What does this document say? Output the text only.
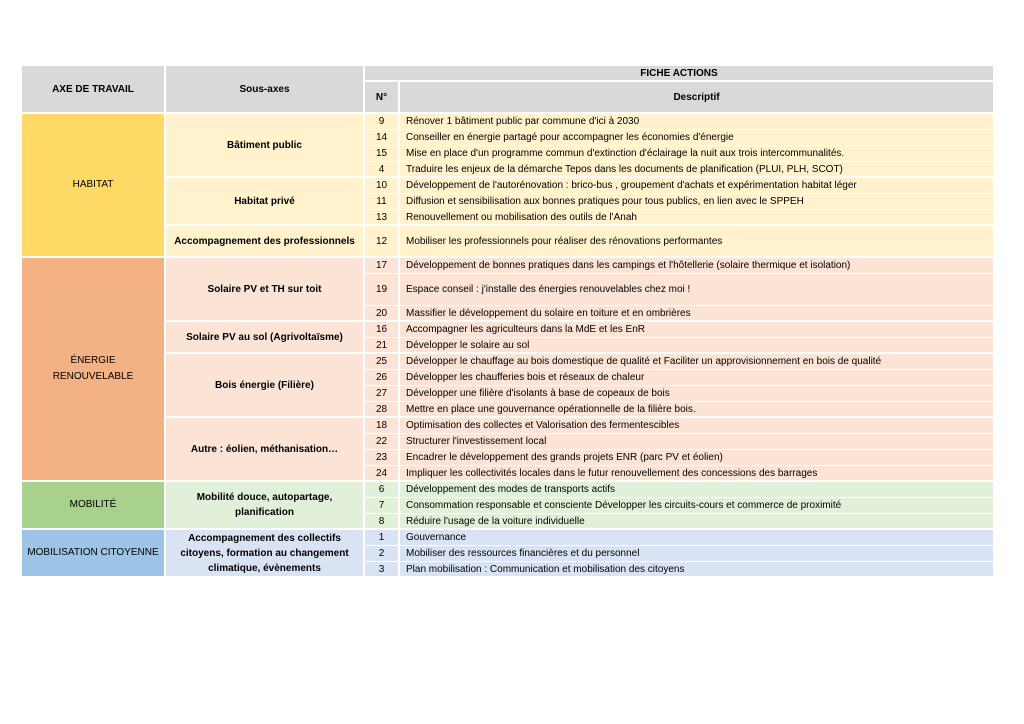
AXE DE TRAVAIL	Sous-axes	FICHE ACTIONS	
		N°	Descriptif
HABITAT	Bâtiment public	9	Rénover 1 bâtiment public par commune d'ici à 2030
		14	Conseiller en énergie partagé pour accompagner les économies d'énergie
		15	Mise en place d'un programme commun d'extinction d'éclairage la nuit aux trois intercommunalités.
		4	Traduire les enjeux de la démarche Tepos dans les documents de planification (PLUI, PLH, SCOT)
	Habitat privé	10	Développement de l'autorénovation : brico-bus , groupement d'achats et expérimentation habitat léger
		11	Diffusion et sensibilisation aux bonnes pratiques pour tous publics, en lien avec le SPPEH
		13	Renouvellement ou mobilisation des outils de l'Anah
	Accompagnement des professionnels	12	Mobiliser les professionnels pour réaliser des rénovations performantes
ÉNERGIE RENOUVELABLE	Solaire PV et TH sur toit	17	Développement de bonnes pratiques dans les campings et l'hôtellerie (solaire thermique et isolation)
		19	Espace conseil : j'installe des énergies renouvelables chez moi !
		20	Massifier le développement du solaire en toiture et en ombrières
	Solaire PV au sol (Agrivoltaïsme)	16	Accompagner les agriculteurs dans la MdE et les EnR
		21	Développer le solaire au sol
	Bois énergie (Filière)	25	Développer le chauffage au bois domestique de qualité et Faciliter un approvisionnement en bois de qualité
		26	Développer les chaufferies bois et réseaux de chaleur
		27	Développer une filière d'isolants à base de copeaux de bois
		28	Mettre en place une gouvernance opérationnelle de la filière bois.
	Autre : éolien, méthanisation…	18	Optimisation des collectes et Valorisation des fermentescibles
		22	Structurer l'investissement local
		23	Encadrer le développement des grands projets ENR (parc PV et éolien)
		24	Impliquer les collectivités locales dans le futur renouvellement des concessions des barrages
MOBILITÉ	Mobilité douce, autopartage, planification	6	Développement des modes de transports actifs
		7	Consommation responsable et consciente Développer les circuits-cours et commerce de proximité
		8	Réduire l'usage de la voiture individuelle
MOBILISATION CITOYENNE	Accompagnement des collectifs citoyens, formation au changement climatique, évènements	1	Gouvernance
		2	Mobiliser des ressources financières et du personnel
		3	Plan mobilisation : Communication et mobilisation des citoyens
